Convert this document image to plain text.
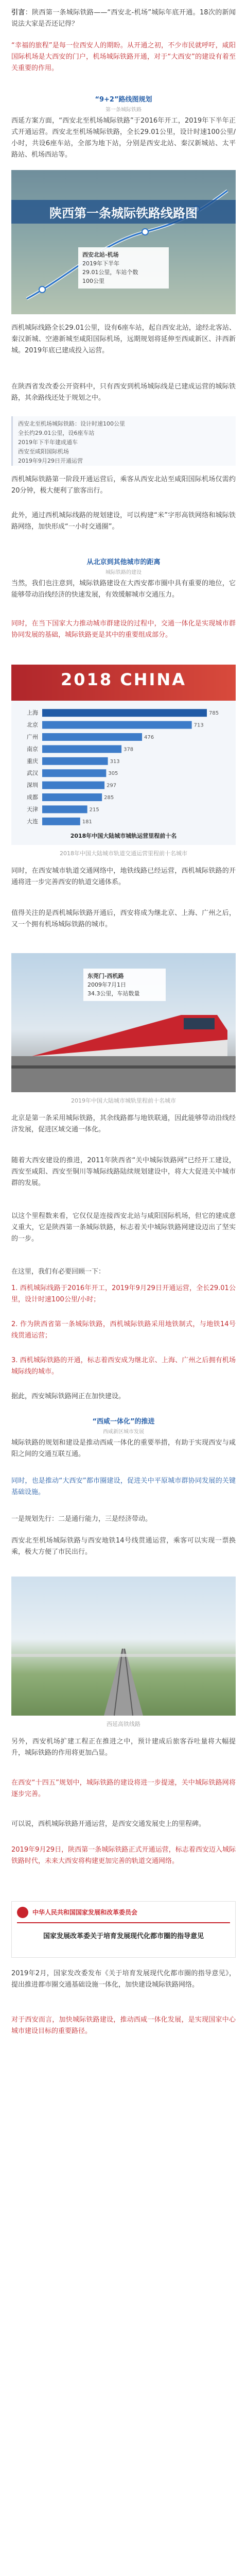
引言：陕西第一条城际铁路——“西安北-机场”城际年底开通。18次的新闻说法大家是否还记得？
“幸福的旅程”是每一位西安人的期盼。从开通之初，不少市民就呼吁，咸阳国际机场是大西安的门户，机场城际铁路开通，对于“大西安”的建设有着至关重要的作用。
“9+2”路线图规划
第一条城际铁路
西延方案方面，“西安北至机场城际铁路”于2016年开工，2019年下半年正式开通运营。西安北至机场城际铁路，全长29.01公里，设计时速100公里/小时，共设6座车站，全部为地下站，分别是西安北站、秦汉新城站、太平路站、机场西站等。
陕西第一条城际铁路线路图
西安北站-机场
2019年下半年
29.01公里，车站个数
100公里
西机城际线路全长29.01公里，设有6座车站，起自西安北站，途经北客站、秦汉新城、空港新城至咸阳国际机场，远期规划将延伸至西咸新区、沣西新城。2019年底已建成投入运营。
在陕西省发改委公开资料中，只有西安到机场城际线是已建成运营的城际铁路，其余路线还处于规划之中。
西安北至机场城际铁路：设计时速100公里
全长约29.01公里，设6座车站
2019年下半年建成通车
西安至咸阳国际机场
2019年9月29日开通运营
西机城际铁路第一阶段开通运营后，乘客从西安北站至咸阳国际机场仅需约20分钟，极大便利了旅客出行。
此外，通过西机城际线路的规划建设，可以构建“米”字形高铁网络和城际铁路网络，加快形成“一小时交通圈”。
从北京到其他城市的距离
城际铁路的建设
当然，我们也注意到，城际铁路建设在大西安都市圈中具有重要的地位，它能够带动沿线经济的快速发展，有效缓解城市交通压力。
同时，在当下国家大力推动城市群建设的过程中，交通一体化是实现城市群协同发展的基础，城际铁路更是其中的重要组成部分。
2018 CHINA
上海	785
北京	713
广州	476
南京	378
重庆	313
武汉	305
深圳	297
成都	285
天津	215
大连	181
2018年中国大陆城市城轨运营里程前十名
2018年中国大陆城市轨道交通运营里程前十名城市
同时，在西安城市轨道交通网络中，地铁线路已经运营，西机城际铁路的开通将进一步完善西安的轨道交通体系。
值得关注的是西机城际铁路开通后，西安将成为继北京、上海、广州之后，又一个拥有机场城际铁路的城市。
东莞门-西机路
2009年7月1日
34.3公里，车站数量
2019年中国大陆城市城轨里程前十名城市
北京是第一条采用城际铁路，其余线路都与地铁联通，因此能够带动沿线经济发展，促进区域交通一体化。
随着大西安建设的推进，2011年陕西省“关中城际铁路网”已经开工建设，西安至咸阳、西安至铜川等城际线路陆续规划建设中，将大大促进关中城市群的发展。
以这个里程数来看，它仅仅是连接西安北站与咸阳国际机场，但它的建成意义重大，它是陕西第一条城际铁路，标志着关中城际铁路网建设迈出了坚实的一步。
在这里，我们有必要回顾一下：
1. 西机城际线路于2016年开工，2019年9月29日开通运营，全长29.01公里，设计时速100公里/小时；
2. 作为陕西省第一条城际铁路，西机城际铁路采用地铁制式，与地铁14号线贯通运营；
3. 西机城际铁路的开通，标志着西安成为继北京、上海、广州之后拥有机场城际线的城市。
据此，西安城际铁路网正在加快建设。
“西咸一体化”的推进
西咸新区城市发展
城际铁路的规划和建设是推动西咸一体化的重要举措，有助于实现西安与咸阳之间的交通互联互通。
同时，也是推动“大西安”都市圈建设，促进关中平原城市群协同发展的关键基础设施。
一是规划先行：二是通行能力，三是经济带动。
西安北至机场城际铁路与西安地铁14号线贯通运营，乘客可以实现一票换乘，极大方便了市民出行。
西延高铁线路
另外，西安机场扩建工程正在推进之中，预计建成后旅客吞吐量将大幅提升，城际铁路的作用将更加凸显。
在西安“十四五”规划中，城际铁路的建设将进一步提速，关中城际铁路网将逐步完善。
可以说，西机城际铁路开通运营，是西安交通发展史上的里程碑。
2019年9月29日，陕西第一条城际铁路正式开通运营，标志着西安迈入城际铁路时代，未来大西安将构建更加完善的轨道交通网络。
中华人民共和国国家发展和改革委员会
国家发展改革委关于培育发展现代化都市圈的指导意见
2019年2月，国家发改委发布《关于培育发展现代化都市圈的指导意见》，提出推进都市圈交通基础设施一体化，加快建设城际铁路网络。
对于西安而言，加快城际铁路建设，推动西咸一体化发展，是实现国家中心城市建设目标的重要路径。
